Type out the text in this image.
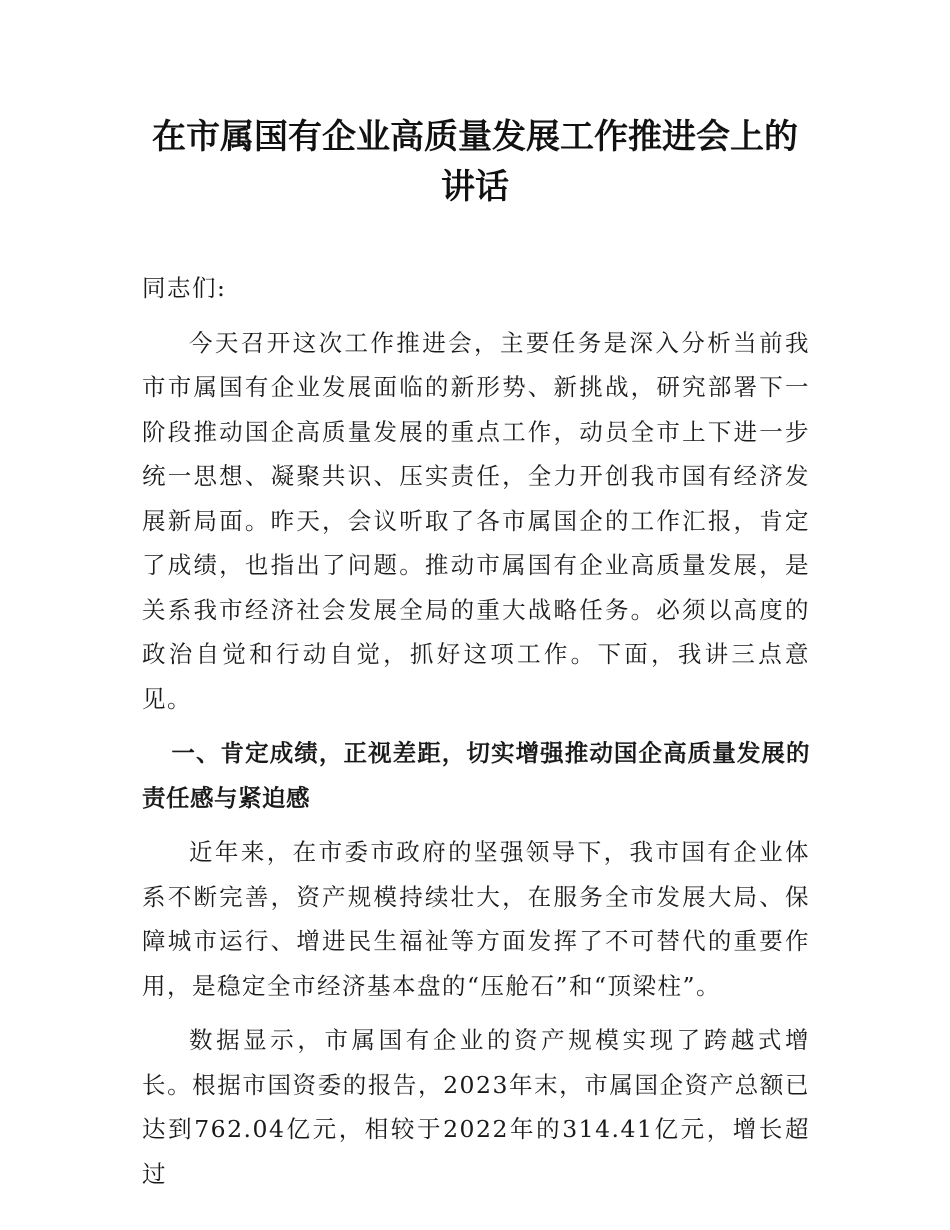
在市属国有企业高质量发展工作推进会上的讲话

同志们:

今天召开这次工作推进会，主要任务是深入分析当前我市市属国有企业发展面临的新形势、新挑战，研究部署下一阶段推动国企高质量发展的重点工作，动员全市上下进一步统一思想、凝聚共识、压实责任，全力开创我市国有经济发展新局面。昨天，会议听取了各市属国企的工作汇报，肯定了成绩，也指出了问题。推动市属国有企业高质量发展，是关系我市经济社会发展全局的重大战略任务。必须以高度的政治自觉和行动自觉，抓好这项工作。下面，我讲三点意见。

一、肯定成绩，正视差距，切实增强推动国企高质量发展的责任感与紧迫感

近年来，在市委市政府的坚强领导下，我市国有企业体系不断完善，资产规模持续壮大，在服务全市发展大局、保障城市运行、增进民生福祉等方面发挥了不可替代的重要作用，是稳定全市经济基本盘的“压舱石”和“顶梁柱”。

数据显示，市属国有企业的资产规模实现了跨越式增长。根据市国资委的报告，2023年末，市属国企资产总额已达到762.04亿元，相较于2022年的314.41亿元，增长超过
